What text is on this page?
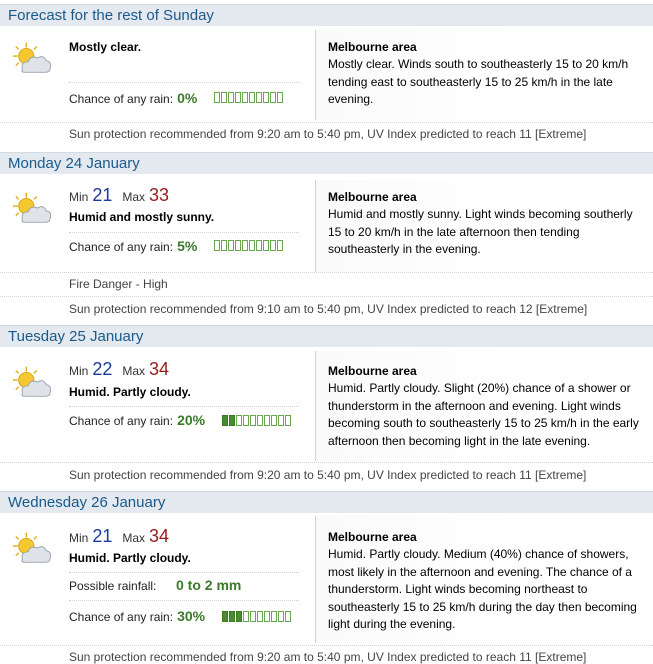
Forecast for the rest of Sunday
Mostly clear.
Chance of any rain: 0%
Melbourne area
Mostly clear. Winds south to southeasterly 15 to 20 km/h tending east to southeasterly 15 to 25 km/h in the late evening.
Sun protection recommended from 9:20 am to 5:40 pm, UV Index predicted to reach 11 [Extreme]
Monday 24 January
Min 21 Max 33
Humid and mostly sunny.
Chance of any rain: 5%
Melbourne area
Humid and mostly sunny. Light winds becoming southerly 15 to 20 km/h in the late afternoon then tending southeasterly in the evening.
Fire Danger - High
Sun protection recommended from 9:10 am to 5:40 pm, UV Index predicted to reach 12 [Extreme]
Tuesday 25 January
Min 22 Max 34
Humid. Partly cloudy.
Chance of any rain: 20%
Melbourne area
Humid. Partly cloudy. Slight (20%) chance of a shower or thunderstorm in the afternoon and evening. Light winds becoming south to southeasterly 15 to 25 km/h in the early afternoon then becoming light in the late evening.
Sun protection recommended from 9:20 am to 5:40 pm, UV Index predicted to reach 11 [Extreme]
Wednesday 26 January
Min 21 Max 34
Humid. Partly cloudy.
Possible rainfall: 0 to 2 mm
Chance of any rain: 30%
Melbourne area
Humid. Partly cloudy. Medium (40%) chance of showers, most likely in the afternoon and evening. The chance of a thunderstorm. Light winds becoming northeast to southeasterly 15 to 25 km/h during the day then becoming light during the evening.
Sun protection recommended from 9:20 am to 5:40 pm, UV Index predicted to reach 11 [Extreme]
